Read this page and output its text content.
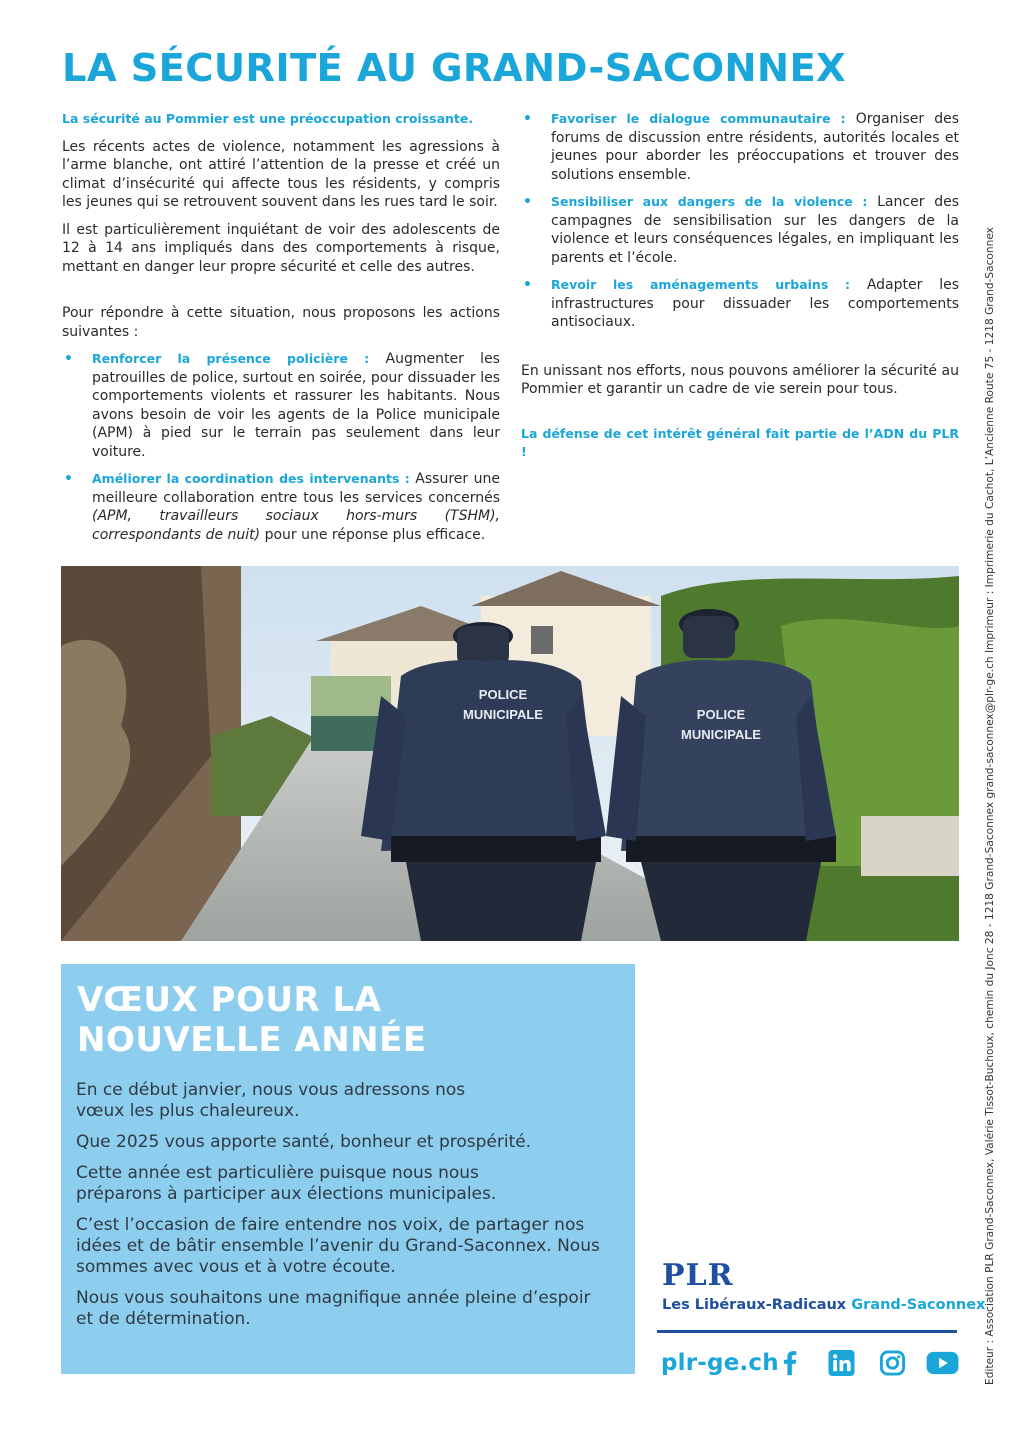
LA SÉCURITÉ AU GRAND-SACONNEX

La sécurité au Pommier est une préoccupation croissante.

Les récents actes de violence, notamment les agressions à l’arme blanche, ont attiré l’attention de la presse et créé un climat d’insécurité qui affecte tous les résidents, y compris les jeunes qui se retrouvent souvent dans les rues tard le soir.

Il est particulièrement inquiétant de voir des adolescents de 12 à 14 ans impliqués dans des comportements à risque, mettant en danger leur propre sécurité et celle des autres.

Pour répondre à cette situation, nous proposons les actions suivantes :

• Renforcer la présence policière : Augmenter les patrouilles de police, surtout en soirée, pour dissuader les comportements violents et rassurer les habitants. Nous avons besoin de voir les agents de la Police municipale (APM) à pied sur le terrain pas seulement dans leur voiture.
• Améliorer la coordination des intervenants : Assurer une meilleure collaboration entre tous les services concernés (APM, travailleurs sociaux hors-murs (TSHM), correspondants de nuit) pour une réponse plus efficace.
• Favoriser le dialogue communautaire : Organiser des forums de discussion entre résidents, autorités locales et jeunes pour aborder les préoccupations et trouver des solutions ensemble.
• Sensibiliser aux dangers de la violence : Lancer des campagnes de sensibilisation sur les dangers de la violence et leurs conséquences légales, en impliquant les parents et l’école.
• Revoir les aménagements urbains : Adapter les infrastructures pour dissuader les comportements antisociaux.

En unissant nos efforts, nous pouvons améliorer la sécurité au Pommier et garantir un cadre de vie serein pour tous.

La défense de cet intérêt général fait partie de l’ADN du PLR !

POLICE MUNICIPALE	POLICE MUNICIPALE
VŒUX POUR LA
NOUVELLE ANNÉE

En ce début janvier, nous vous adressons nos vœux les plus chaleureux.

Que 2025 vous apporte santé, bonheur et prospérité.

Cette année est particulière puisque nous nous préparons à participer aux élections municipales.

C’est l’occasion de faire entendre nos voix, de partager nos idées et de bâtir ensemble l’avenir du Grand-Saconnex. Nous sommes avec vous et à votre écoute.

Nous vous souhaitons une magnifique année pleine d’espoir et de détermination.

PLR
Les Libéraux-Radicaux Grand-Saconnex
plr-ge.ch	Editeur : Association PLR Grand-Saconnex, Valérie Tissot-Buchoux, chemin du Jonc 28 - 1218 Grand-Saconnex grand-saconnex@plr-ge.ch Imprimeur : Imprimerie du Cachot, L’Ancienne Route 75 - 1218 Grand-Saconnex
